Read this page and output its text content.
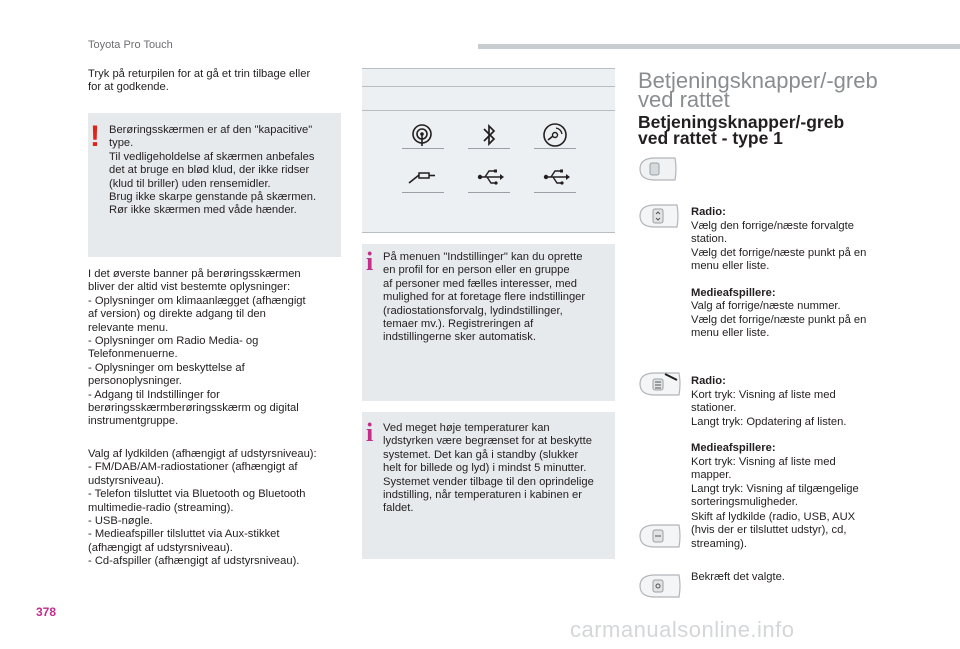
Toyota Pro Touch
Tryk på returpilen for at gå et trin tilbage eller
for at godkende.
! Berøringsskærmen er af den "kapacitive"
type.
Til vedligeholdelse af skærmen anbefales
det at bruge en blød klud, der ikke ridser
(klud til briller) uden rensemidler.
Brug ikke skarpe genstande på skærmen.
Rør ikke skærmen med våde hænder.
I det øverste banner på berøringsskærmen
bliver der altid vist bestemte oplysninger:
- Oplysninger om klimaanlægget (afhængigt
af version) og direkte adgang til den
relevante menu.
- Oplysninger om Radio Media- og
Telefonmenuerne.
- Oplysninger om beskyttelse af
personoplysninger.
- Adgang til Indstillinger for
berøringsskærmberøringsskærm og digital
instrumentgruppe.
Valg af lydkilden (afhængigt af udstyrsniveau):
- FM/DAB/AM-radiostationer (afhængigt af
udstyrsniveau).
- Telefon tilsluttet via Bluetooth og Bluetooth
multimedie-radio (streaming).
- USB-nøgle.
- Medieafspiller tilsluttet via Aux-stikket
(afhængigt af udstyrsniveau).
- Cd-afspiller (afhængigt af udstyrsniveau).
378
i På menuen "Indstillinger" kan du oprette
en profil for en person eller en gruppe
af personer med fælles interesser, med
mulighed for at foretage flere indstillinger
(radiostationsforvalg, lydindstillinger,
temaer mv.). Registreringen af
indstillingerne sker automatisk.
i Ved meget høje temperaturer kan
lydstyrken være begrænset for at beskytte
systemet. Det kan gå i standby (slukker
helt for billede og lyd) i mindst 5 minutter.
Systemet vender tilbage til den oprindelige
indstilling, når temperaturen i kabinen er
faldet.
Betjeningsknapper/-greb
ved rattet
Betjeningsknapper/-greb
ved rattet - type 1

Radio:

Vælg den forrige/næste forvalgte
station.
Vælg det forrige/næste punkt på en
menu eller liste.

Medieafspillere:

Valg af forrige/næste nummer.
Vælg det forrige/næste punkt på en
menu eller liste.

Radio:

Kort tryk: Visning af liste med
stationer.
Langt tryk: Opdatering af listen.

Medieafspillere:

Kort tryk: Visning af liste med
mapper.
Langt tryk: Visning af tilgængelige
sorteringsmuligheder.

Skift af lydkilde (radio, USB, AUX
(hvis der er tilsluttet udstyr), cd,
streaming).
Bekræft det valgte.
carmanualsonline.info
